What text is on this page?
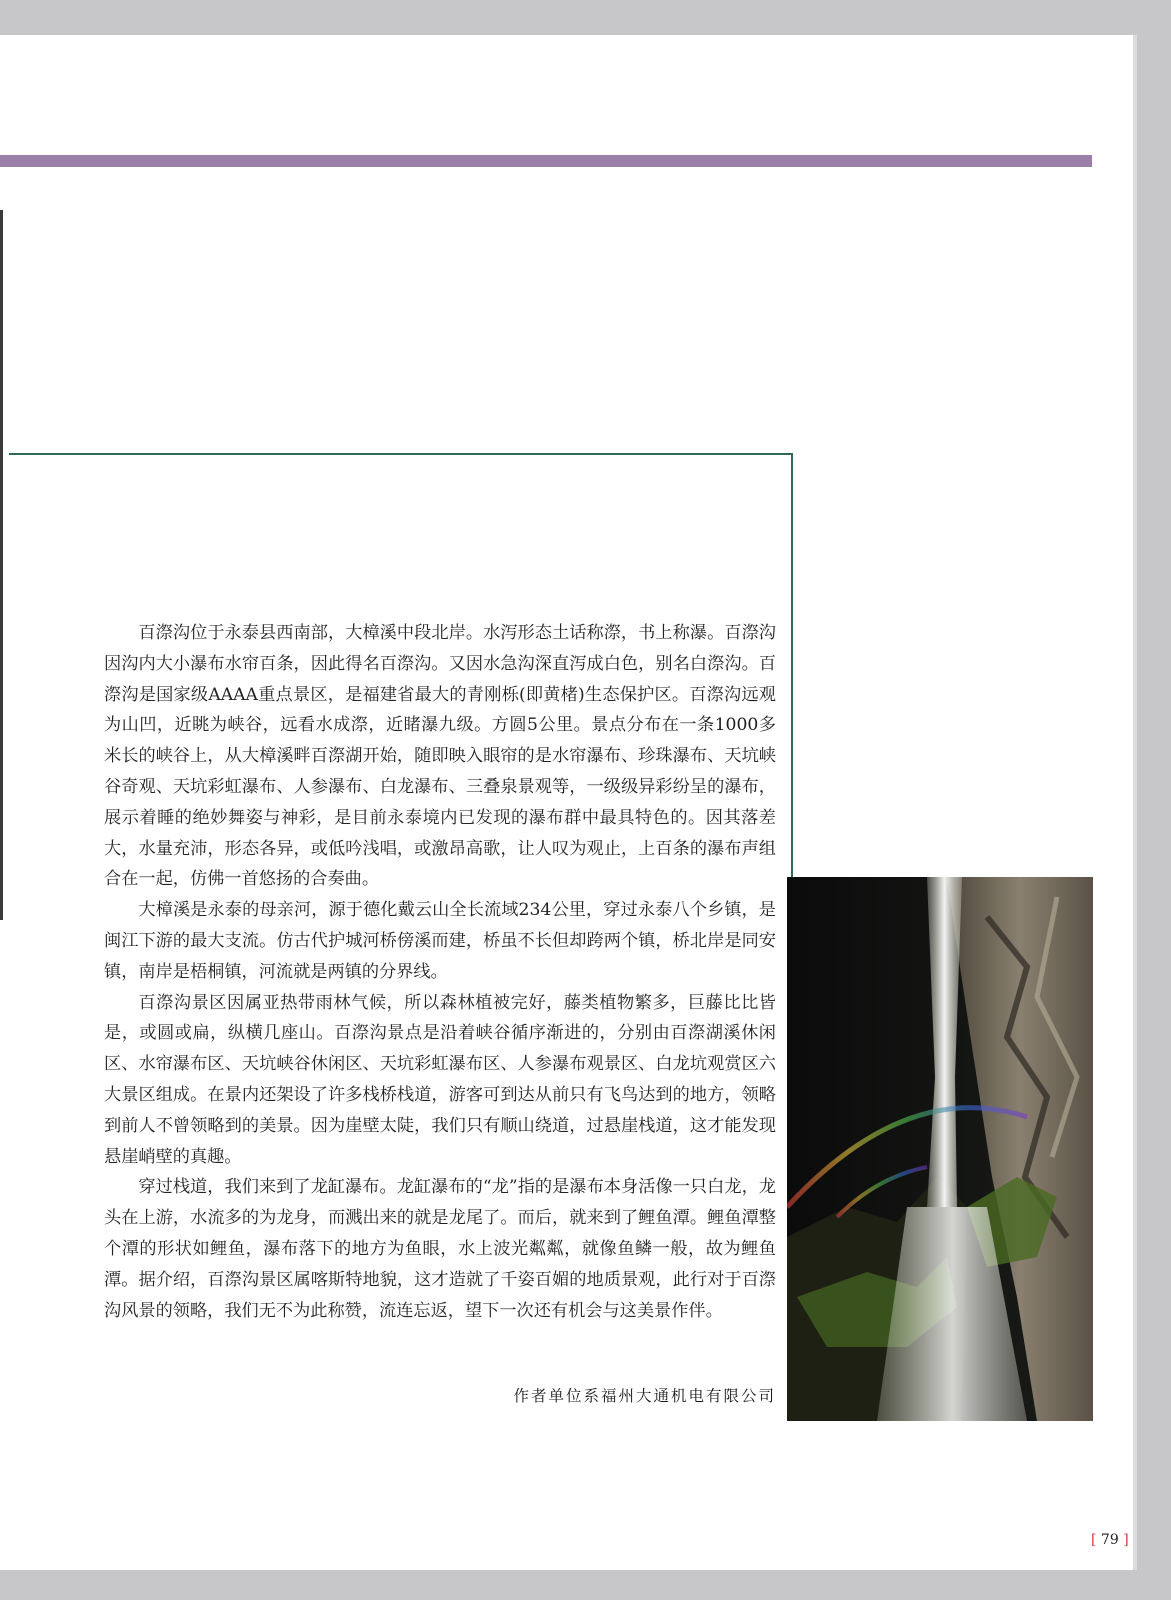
百漈沟位于永泰县西南部，大樟溪中段北岸。水泻形态土话称漈，书上称瀑。百漈沟因沟内大小瀑布水帘百条，因此得名百漈沟。又因水急沟深直泻成白色，别名白漈沟。百漈沟是国家级AAAA重点景区，是福建省最大的青刚栎(即黄楮)生态保护区。百漈沟远观为山凹，近眺为峡谷，远看水成漈，近睹瀑九级。方圆5公里。景点分布在一条1000多米长的峡谷上，从大樟溪畔百漈湖开始，随即映入眼帘的是水帘瀑布、珍珠瀑布、天坑峡谷奇观、天坑彩虹瀑布、人参瀑布、白龙瀑布、三叠泉景观等，一级级异彩纷呈的瀑布，展示着睡的绝妙舞姿与神彩，是目前永泰境内已发现的瀑布群中最具特色的。因其落差大，水量充沛，形态各异，或低吟浅唱，或激昂高歌，让人叹为观止，上百条的瀑布声组合在一起，仿佛一首悠扬的合奏曲。

大樟溪是永泰的母亲河，源于德化戴云山全长流域234公里，穿过永泰八个乡镇，是闽江下游的最大支流。仿古代护城河桥傍溪而建，桥虽不长但却跨两个镇，桥北岸是同安镇，南岸是梧桐镇，河流就是两镇的分界线。

百漈沟景区因属亚热带雨林气候，所以森林植被完好，藤类植物繁多，巨藤比比皆是，或圆或扁，纵横几座山。百漈沟景点是沿着峡谷循序渐进的，分别由百漈湖溪休闲区、水帘瀑布区、天坑峡谷休闲区、天坑彩虹瀑布区、人参瀑布观景区、白龙坑观赏区六大景区组成。在景内还架设了许多栈桥栈道，游客可到达从前只有飞鸟达到的地方，领略到前人不曾领略到的美景。因为崖壁太陡，我们只有顺山绕道，过悬崖栈道，这才能发现悬崖峭壁的真趣。

穿过栈道，我们来到了龙缸瀑布。龙缸瀑布的“龙”指的是瀑布本身活像一只白龙，龙头在上游，水流多的为龙身，而溅出来的就是龙尾了。而后，就来到了鲤鱼潭。鲤鱼潭整个潭的形状如鲤鱼，瀑布落下的地方为鱼眼，水上波光粼粼，就像鱼鳞一般，故为鲤鱼潭。据介绍，百漈沟景区属喀斯特地貌，这才造就了千姿百媚的地质景观，此行对于百漈沟风景的领略，我们无不为此称赞，流连忘返，望下一次还有机会与这美景作伴。

作者单位系福州大通机电有限公司
[ 79 ]
